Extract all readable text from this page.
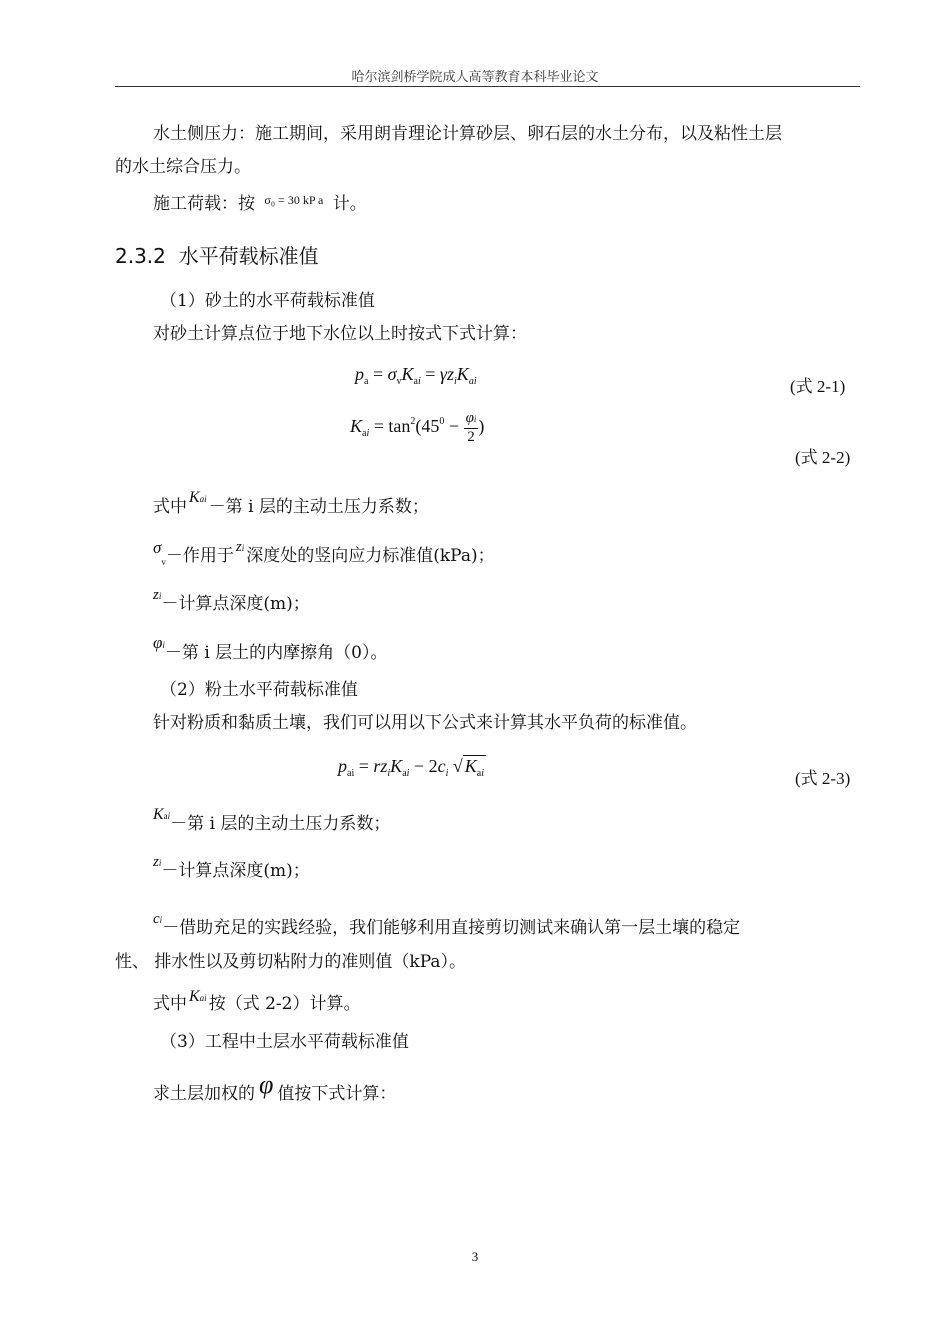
哈尔滨剑桥学院成人高等教育本科毕业论文
水土侧压力：施工期间，采用朗肯理论计算砂层、卵石层的水土分布，以及粘性土层
的水土综合压力。
施工荷载：按 $^{\sigma_0 = 30 kP a}$ 计。
2.3.2 水平荷载标准值
（1）砂土的水平荷载标准值
对砂土计算点位于地下水位以上时按式下式计算：
$p_a = \sigma_vK_{ai} = \gamma z_iK_{ai}$	(式 2-1)
$K_{ai} = \tan^2(45^0 - \frac{\varphi i}{2}$ )
(式 2-2)
式中 Kai －第 i 层的主动土压力系数；
$\sigma_v-$作用于 zi 深度处的竖向应力标准值(kPa)；
zi－计算点深度(m)；
φi－第 i 层土的内摩擦角（0）。
（2）粉土水平荷载标准值
针对粉质和黏质土壤，我们可以用以下公式来计算其水平负荷的标准值。
$p_{ai} = rz_iK_{ai} - 2c_i$ √ $K_{ai}$	(式 2-3)
Kai－第 i 层的主动土压力系数；
zi－计算点深度(m)；
ci－借助充足的实践经验，我们能够利用直接剪切测试来确认第一层土壤的稳定
性、 排水性以及剪切粘附力的准则值（kPa）。
式中 Kai 按（式 2-2）计算。
（3）工程中土层水平荷载标准值
求土层加权的 φ 值按下式计算：
3
